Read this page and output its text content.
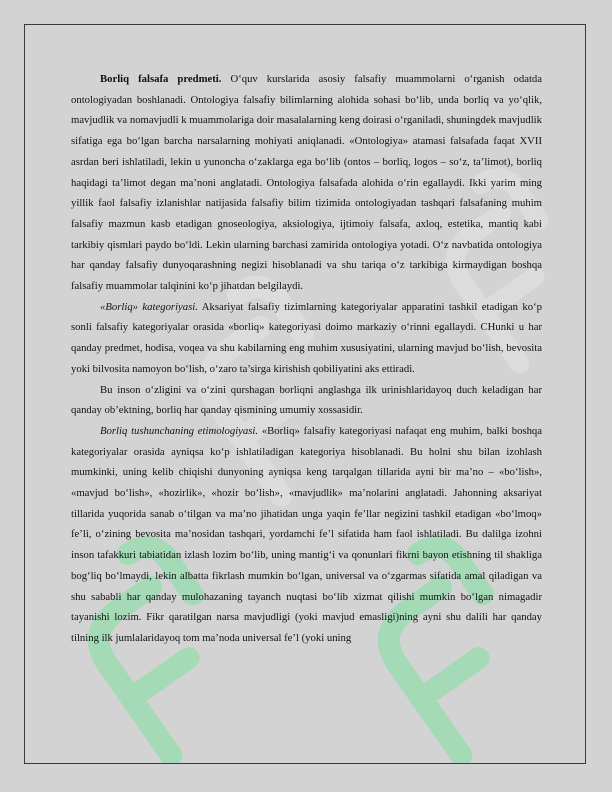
Borliq falsafa predmeti. O‘quv kurslarida asosiy falsafiy muammolarni o‘rganish odatda ontologiyadan boshlanadi. Ontologiya falsafiy bilimlarning alohida sohasi bo‘lib, unda borliq va yo‘qlik, mavjudlik va nomavjudli k muammolariga doir masalalarning keng doirasi o‘rganiladi, shuningdek mavjudlik sifatiga ega bo‘lgan barcha narsalarning mohiyati aniqlanadi. «Ontologiya» atamasi falsafada faqat XVII asrdan beri ishlatiladi, lekin u yunoncha o‘zaklarga ega bo‘lib (ontos – borliq, logos – so‘z, ta’limot), borliq haqidagi ta’limot degan ma’noni anglatadi. Ontologiya falsafada alohida o‘rin egallaydi. Ikki yarim ming yillik faol falsafiy izlanishlar natijasida falsafiy bilim tizimida ontologiyadan tashqari falsafaning muhim falsafiy mazmun kasb etadigan gnoseologiya, aksiologiya, ijtimoiy falsafa, axloq, estetika, mantiq kabi tarkibiy qismlari paydo bo‘ldi. Lekin ularning barchasi zamirida ontologiya yotadi. O‘z navbatida ontologiya har qanday falsafiy dunyoqarashning negizi hisoblanadi va shu tariqa o‘z tarkibiga kirmaydigan boshqa falsafiy muammolar talqinini ko‘p jihatdan belgilaydi.

«Borliq» kategoriyasi. Aksariyat falsafiy tizimlarning kategoriyalar apparatini tashkil etadigan ko‘p sonli falsafiy kategoriyalar orasida «borliq» kategoriyasi doimo markaziy o‘rinni egallaydi. CHunki u har qanday predmet, hodisa, voqea va shu kabilarning eng muhim xususiyatini, ularning mavjud bo‘lish, bevosita yoki bilvosita namoyon bo‘lish, o‘zaro ta’sirga kirishish qobiliyatini aks ettiradi.

Bu inson o‘zligini va o‘zini qurshagan borliqni anglashga ilk urinishlaridayoq duch keladigan har qanday ob’ektning, borliq har qanday qismining umumiy xossasidir.

Borliq tushunchaning etimologiyasi. «Borliq» falsafiy kategoriyasi nafaqat eng muhim, balki boshqa kategoriyalar orasida ayniqsa ko‘p ishlatiladigan kategoriya hisoblanadi. Bu holni shu bilan izohlash mumkinki, uning kelib chiqishi dunyoning ayniqsa keng tarqalgan tillarida ayni bir ma’no – «bo‘lish», «mavjud bo‘lish», «hozirlik», «hozir bo‘lish», «mavjudlik» ma’nolarini anglatadi. Jahonning aksariyat tillarida yuqorida sanab o‘tilgan va ma’no jihatidan unga yaqin fe’llar negizini tashkil etadigan «bo‘lmoq» fe’li, o‘zining bevosita ma’nosidan tashqari, yordamchi fe’l sifatida ham faol ishlatiladi. Bu dalilga izohni inson tafakkuri tabiatidan izlash lozim bo‘lib, uning mantig‘i va qonunlari fikrni bayon etishning til shakliga bog‘liq bo‘lmaydi, lekin albatta fikrlash mumkin bo‘lgan, universal va o‘zgarmas sifatida amal qiladigan va shu sababli har qanday mulohazaning tayanch nuqtasi bo‘lib xizmat qilishi mumkin bo‘lgan nimagadir tayanishi lozim. Fikr qaratilgan narsa mavjudligi (yoki mavjud emasligi)ning ayni shu dalili har qanday tilning ilk jumlalaridayoq tom ma’noda universal fe’l (yoki uning
